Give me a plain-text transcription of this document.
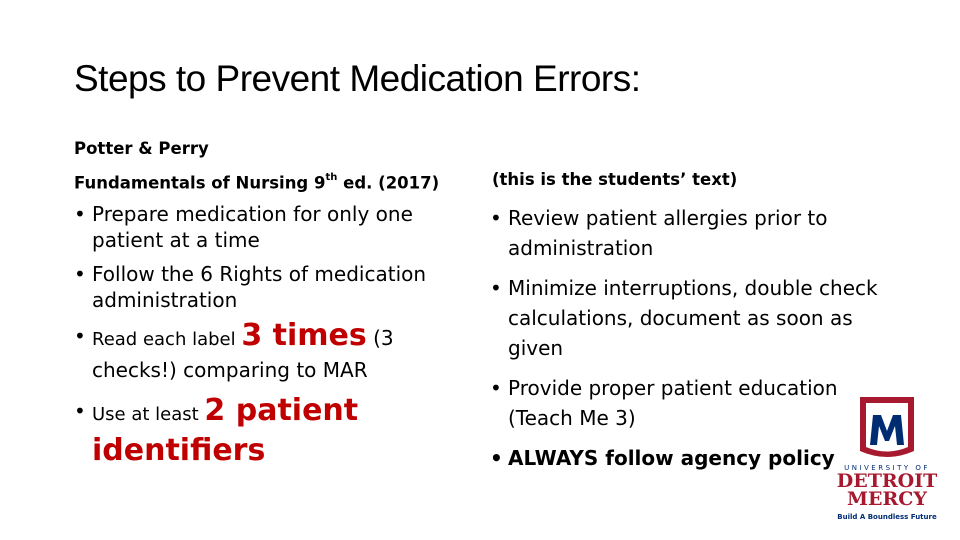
Steps to Prevent Medication Errors:
Potter & Perry
Fundamentals of Nursing 9th ed. (2017)	(this is the students’ text)
• Prepare medication for only one patient at a time
• Follow the 6 Rights of medication administration
• Read each label 3 times (3 checks!) comparing to MAR
• Use at least 2 patient identifiers
• Review patient allergies prior to administration
• Minimize interruptions, double check calculations, document as soon as given
• Provide proper patient education (Teach Me 3)
• ALWAYS follow agency policy	UNIVERSITY OF
DETROIT
MERCY
Build A Boundless Future
